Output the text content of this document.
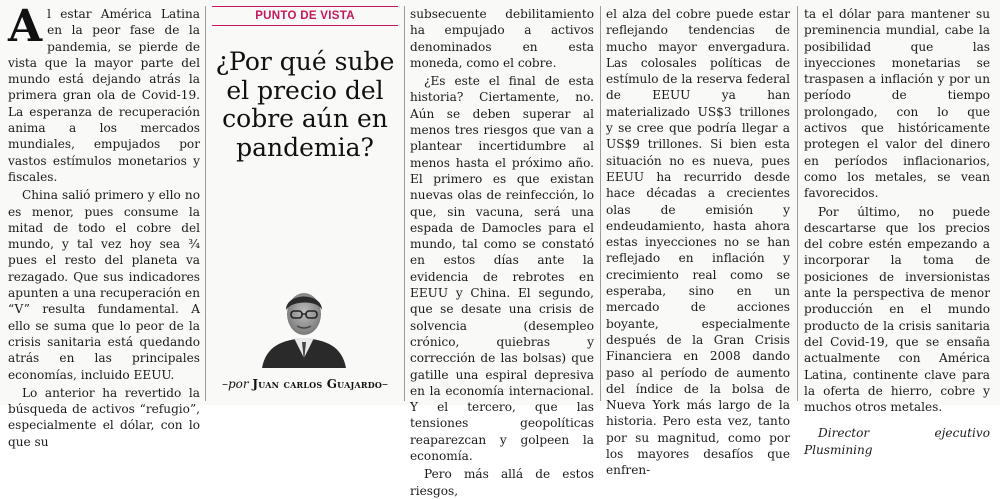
Al estar América Latina en la peor fase de la pandemia, se pierde de vista que la mayor parte del mundo está dejando atrás la primera gran ola de Covid-19. La esperanza de recuperación anima a los mercados mundiales, empujados por vastos estímulos monetarios y fiscales.

China salió primero y ello no es menor, pues consume la mitad de todo el cobre del mundo, y tal vez hoy sea ¾ pues el resto del planeta va rezagado. Que sus indicadores apunten a una recuperación en “V” resulta fundamental. A ello se suma que lo peor de la crisis sanitaria está quedando atrás en las principales economías, incluido EEUU.

Lo anterior ha revertido la búsqueda de activos “refugio”, especialmente el dólar, con lo que su

PUNTO DE VISTA
¿Por qué sube el precio del cobre aún en pandemia?
–por Juan carlos Guajardo–

subsecuente debilitamiento ha empujado a activos denominados en esta moneda, como el cobre.

¿Es este el final de esta historia? Ciertamente, no. Aún se deben superar al menos tres riesgos que van a plantear incertidumbre al menos hasta el próximo año. El primero es que existan nuevas olas de reinfección, lo que, sin vacuna, será una espada de Damocles para el mundo, tal como se constató en estos días ante la evidencia de rebrotes en EEUU y China. El segundo, que se desate una crisis de solvencia (desempleo crónico, quiebras y corrección de las bolsas) que gatille una espiral depresiva en la economía internacional. Y el tercero, que las tensiones geopolíticas reaparezcan y golpeen la economía.

Pero más allá de estos riesgos,

el alza del cobre puede estar reflejando tendencias de mucho mayor envergadura. Las colosales políticas de estímulo de la reserva federal de EEUU ya han materializado US$3 trillones y se cree que podría llegar a US$9 trillones. Si bien esta situación no es nueva, pues EEUU ha recurrido desde hace décadas a crecientes olas de emisión y endeudamiento, hasta ahora estas inyecciones no se han reflejado en inflación y crecimiento real como se esperaba, sino en un mercado de acciones boyante, especialmente después de la Gran Crisis Financiera en 2008 dando paso al período de aumento del índice de la bolsa de Nueva York más largo de la historia. Pero esta vez, tanto por su magnitud, como por los mayores desafíos que enfren-

ta el dólar para mantener su preminencia mundial, cabe la posibilidad que las inyecciones monetarias se traspasen a inflación y por un período de tiempo prolongado, con lo que activos que históricamente protegen el valor del dinero en períodos inflacionarios, como los metales, se vean favorecidos.

Por último, no puede descartarse que los precios del cobre estén empezando a incorporar la toma de posiciones de inversionistas ante la perspectiva de menor producción en el mundo producto de la crisis sanitaria del Covid-19, que se ensaña actualmente con América Latina, continente clave para la oferta de hierro, cobre y muchos otros metales.

Director ejecutivo Plusmining
